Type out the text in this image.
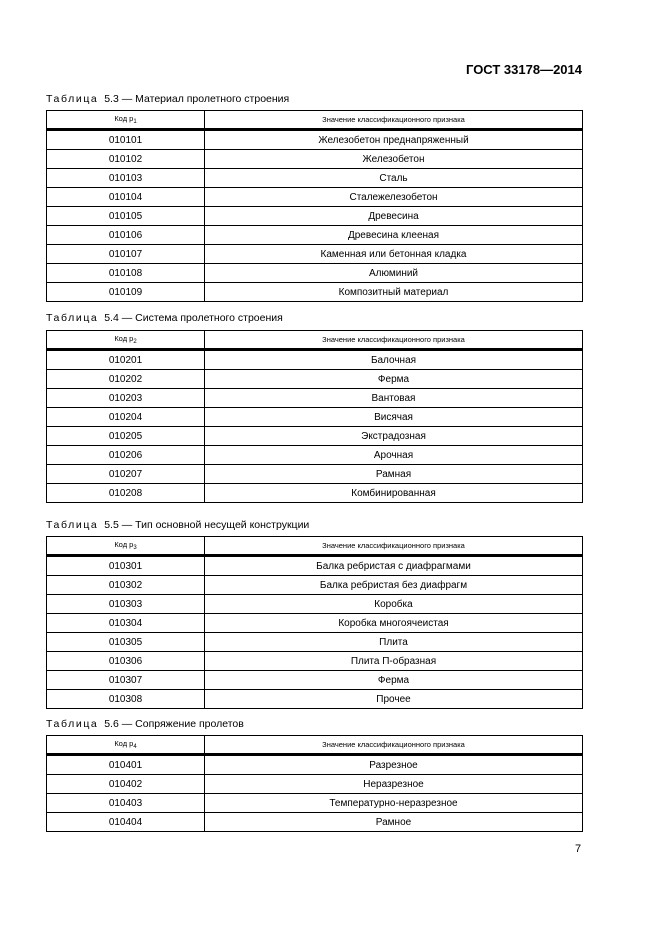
ГОСТ 33178—2014
Таблица 5.3 — Материал пролетного строения
Код $p_1$	Значение классификационного признака
010101	Железобетон преднапряженный
010102	Железобетон
010103	Сталь
010104	Сталежелезобетон
010105	Древесина
010106	Древесина клееная
010107	Каменная или бетонная кладка
010108	Алюминий
010109	Композитный материал
Таблица 5.4 — Система пролетного строения
Код $p_2$	Значение классификационного признака
010201	Балочная
010202	Ферма
010203	Вантовая
010204	Висячая
010205	Экстрадозная
010206	Арочная
010207	Рамная
010208	Комбинированная
Таблица 5.5 — Тип основной несущей конструкции
Код $p_3$	Значение классификационного признака
010301	Балка ребристая с диафрагмами
010302	Балка ребристая без диафрагм
010303	Коробка
010304	Коробка многоячеистая
010305	Плита
010306	Плита П-образная
010307	Ферма
010308	Прочее
Таблица 5.6 — Сопряжение пролетов
Код $p_4$	Значение классификационного признака
010401	Разрезное
010402	Неразрезное
010403	Температурно-неразрезное
010404	Рамное
7
